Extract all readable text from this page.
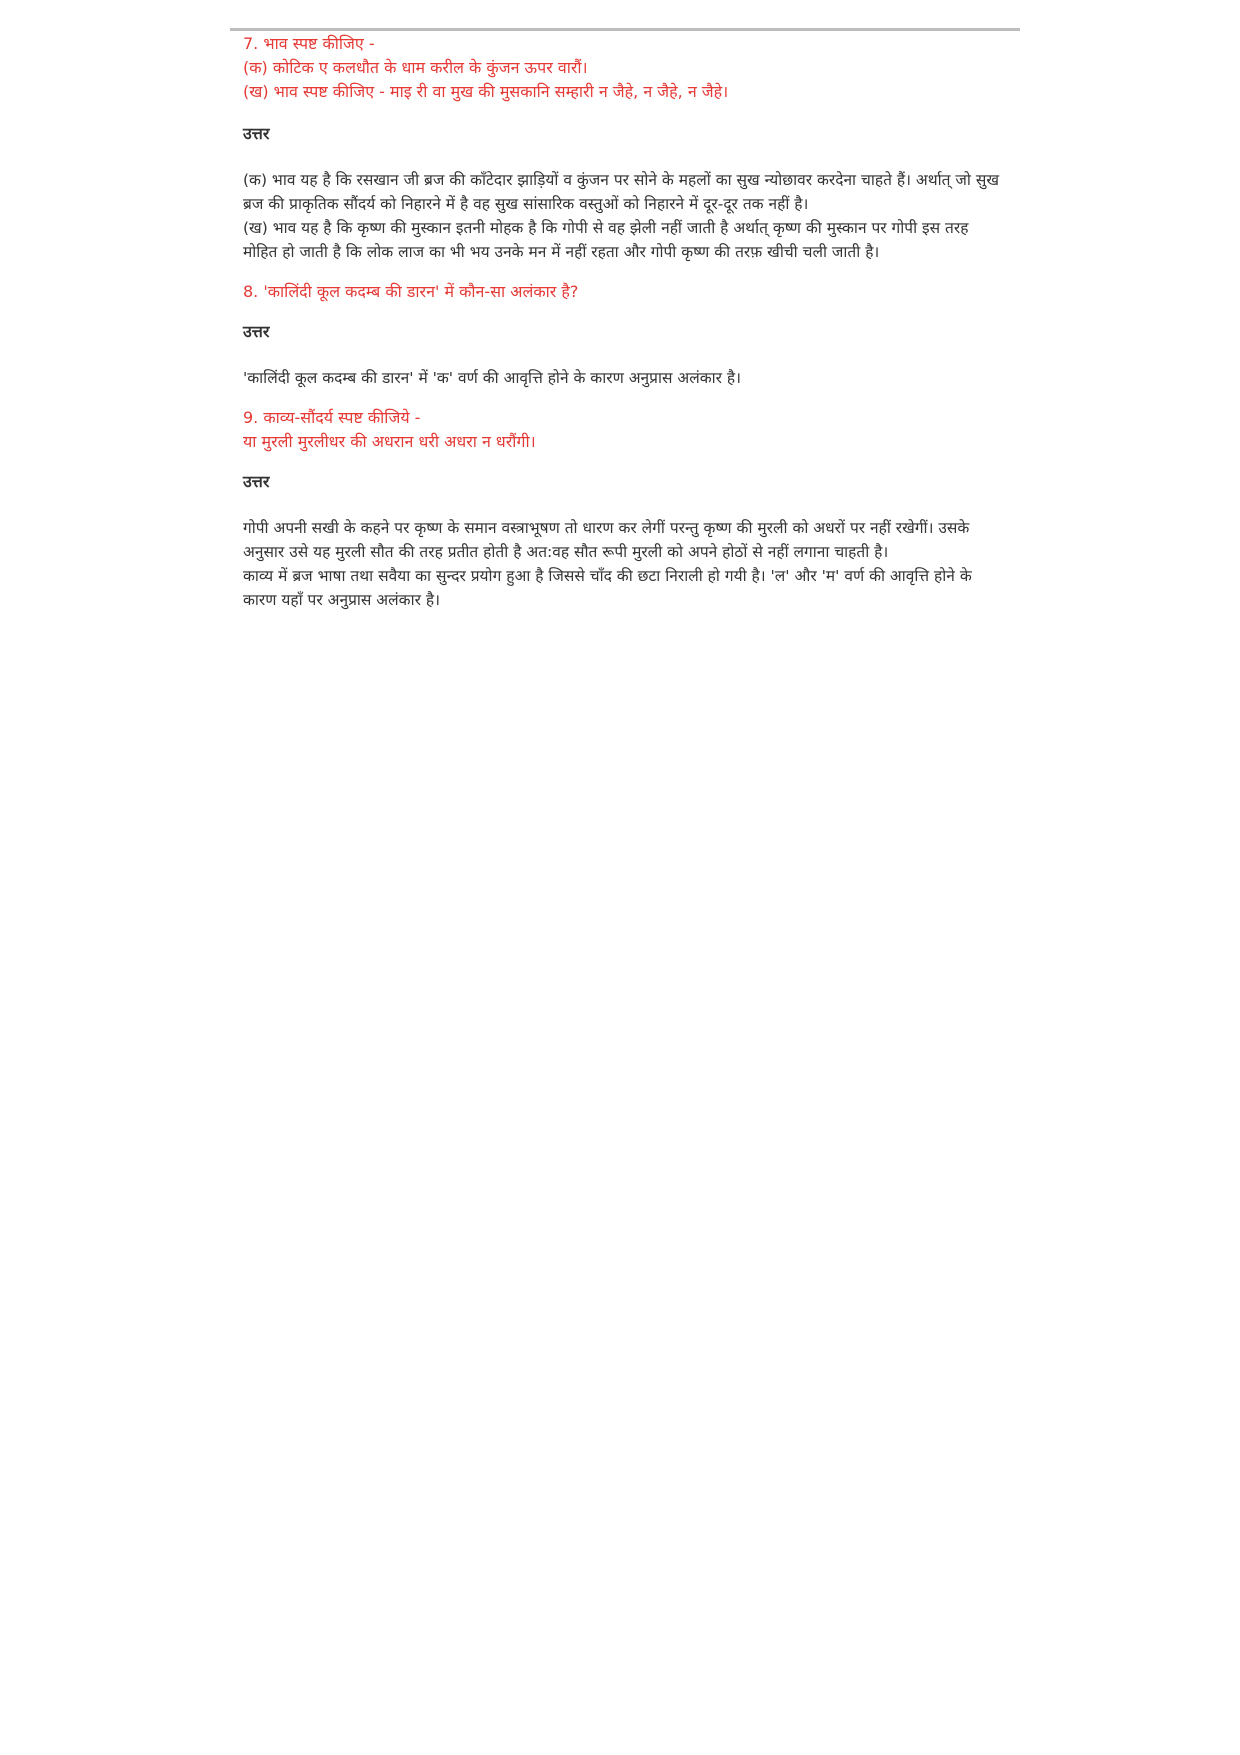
7. भाव स्पष्ट कीजिए -
(क) कोटिक ए कलधौत के धाम करील के कुंजन ऊपर वारौं।
(ख) भाव स्पष्ट कीजिए - माइ री वा मुख की मुसकानि सम्हारी न जैहे, न जैहे, न जैहे।
उत्तर

(क) भाव यह है कि रसखान जी ब्रज की काँटेदार झाड़ियों व कुंजन पर सोने के महलों का सुख न्योछावर करदेना चाहते हैं। अर्थात् जो सुख ब्रज की प्राकृतिक सौंदर्य को निहारने में है वह सुख सांसारिक वस्तुओं को निहारने में दूर-दूर तक नहीं है।

(ख) भाव यह है कि कृष्ण की मुस्कान इतनी मोहक है कि गोपी से वह झेली नहीं जाती है अर्थात् कृष्ण की मुस्कान पर गोपी इस तरह मोहित हो जाती है कि लोक लाज का भी भय उनके मन में नहीं रहता और गोपी कृष्ण की तरफ़ खीची चली जाती है।

8. 'कालिंदी कूल कदम्ब की डारन' में कौन-सा अलंकार है?
उत्तर

'कालिंदी कूल कदम्ब की डारन' में 'क' वर्ण की आवृत्ति होने के कारण अनुप्रास अलंकार है।

9. काव्य-सौंदर्य स्पष्ट कीजिये -
या मुरली मुरलीधर की अधरान धरी अधरा न धरौंगी।
उत्तर

गोपी अपनी सखी के कहने पर कृष्ण के समान वस्त्राभूषण तो धारण कर लेगीं परन्तु कृष्ण की मुरली को अधरों पर नहीं रखेगीं। उसके अनुसार उसे यह मुरली सौत की तरह प्रतीत होती है अत:वह सौत रूपी मुरली को अपने होठों से नहीं लगाना चाहती है।

काव्य में ब्रज भाषा तथा सवैया का सुन्दर प्रयोग हुआ है जिससे चाँद की छटा निराली हो गयी है। 'ल' और 'म' वर्ण की आवृत्ति होने के कारण यहाँ पर अनुप्रास अलंकार है।
